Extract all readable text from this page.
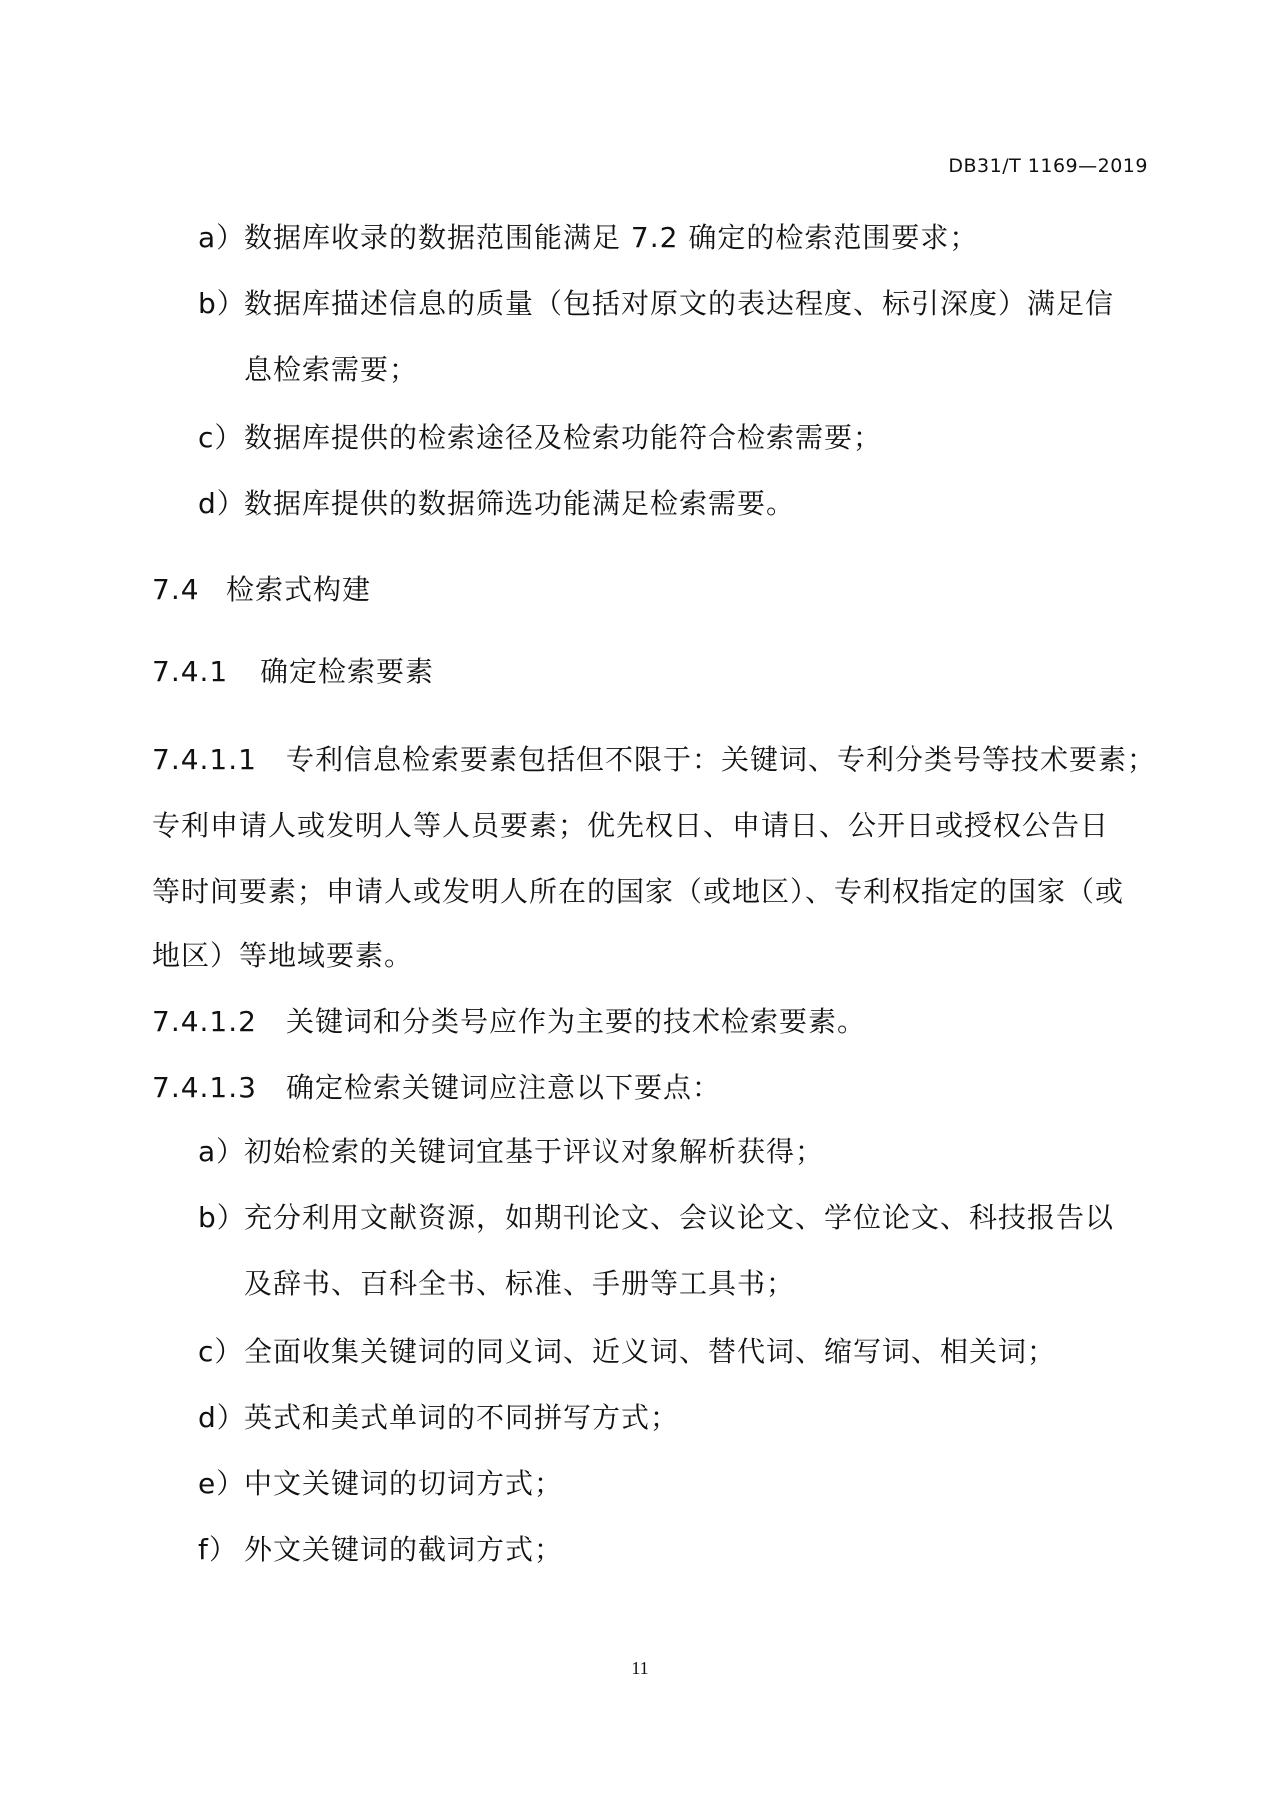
DB31/T 1169—2019
a）数据库收录的数据范围能满足 7.2 确定的检索范围要求；
b）数据库描述信息的质量（包括对原文的表达程度、标引深度）满足信
息检索需要；
c）数据库提供的检索途径及检索功能符合检索需要；
d）数据库提供的数据筛选功能满足检索需要。
7.4 检索式构建
7.4.1 确定检索要素
7.4.1.1 专利信息检索要素包括但不限于：关键词、专利分类号等技术要素；
专利申请人或发明人等人员要素；优先权日、申请日、公开日或授权公告日
等时间要素；申请人或发明人所在的国家（或地区）、专利权指定的国家（或
地区）等地域要素。
7.4.1.2 关键词和分类号应作为主要的技术检索要素。
7.4.1.3 确定检索关键词应注意以下要点：
a）初始检索的关键词宜基于评议对象解析获得；
b）充分利用文献资源，如期刊论文、会议论文、学位论文、科技报告以
及辞书、百科全书、标准、手册等工具书；
c）全面收集关键词的同义词、近义词、替代词、缩写词、相关词；
d）英式和美式单词的不同拼写方式；
e）中文关键词的切词方式；
f） 外文关键词的截词方式；
11
